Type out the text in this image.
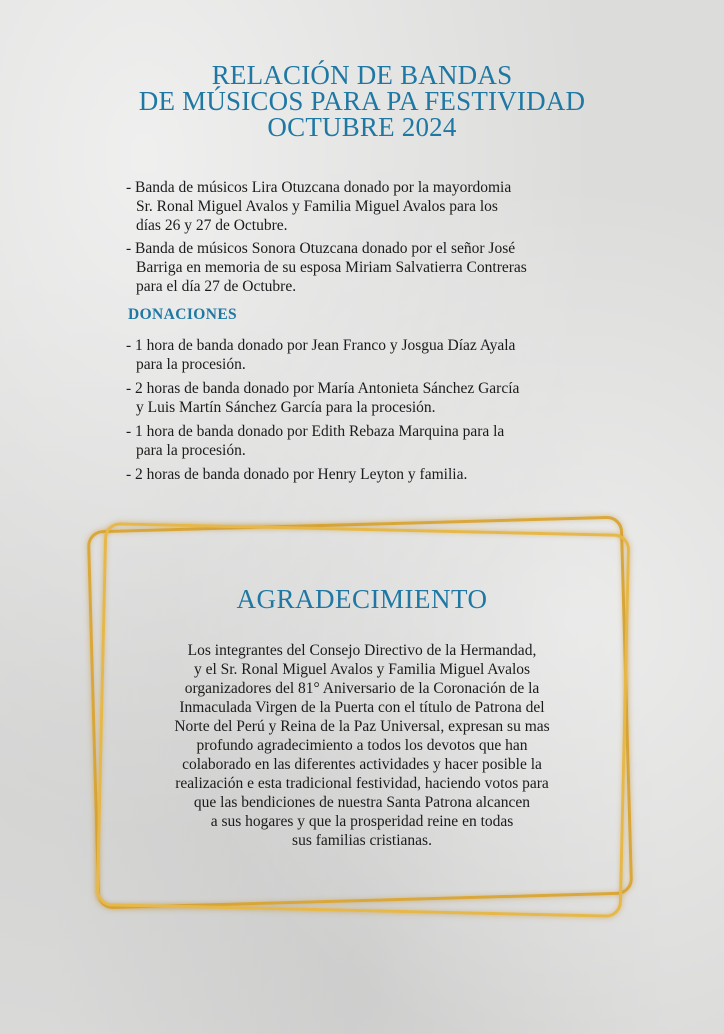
RELACIÓN DE BANDAS
DE MÚSICOS PARA PA FESTIVIDAD
OCTUBRE 2024
- Banda de músicos Lira Otuzcana donado por la mayordomia
Sr. Ronal Miguel Avalos y Familia Miguel Avalos para los
días 26 y 27 de Octubre.
- Banda de músicos Sonora Otuzcana donado por el señor José
Barriga en memoria de su esposa Miriam Salvatierra Contreras
para el día 27 de Octubre.
DONACIONES
- 1 hora de banda donado por Jean Franco y Josgua Díaz Ayala
para la procesión.
- 2 horas de banda donado por María Antonieta Sánchez García
y Luis Martín Sánchez García para la procesión.
- 1 hora de banda donado por Edith Rebaza Marquina para la
para la procesión.
- 2 horas de banda donado por Henry Leyton y familia.
AGRADECIMIENTO
Los integrantes del Consejo Directivo de la Hermandad,
y el Sr. Ronal Miguel Avalos y Familia Miguel Avalos
organizadores del 81° Aniversario de la Coronación de la
Inmaculada Virgen de la Puerta con el título de Patrona del
Norte del Perú y Reina de la Paz Universal, expresan su mas
profundo agradecimiento a todos los devotos que han
colaborado en las diferentes actividades y hacer posible la
realización e esta tradicional festividad, haciendo votos para
que las bendiciones de nuestra Santa Patrona alcancen
a sus hogares y que la prosperidad reine en todas
sus familias cristianas.
